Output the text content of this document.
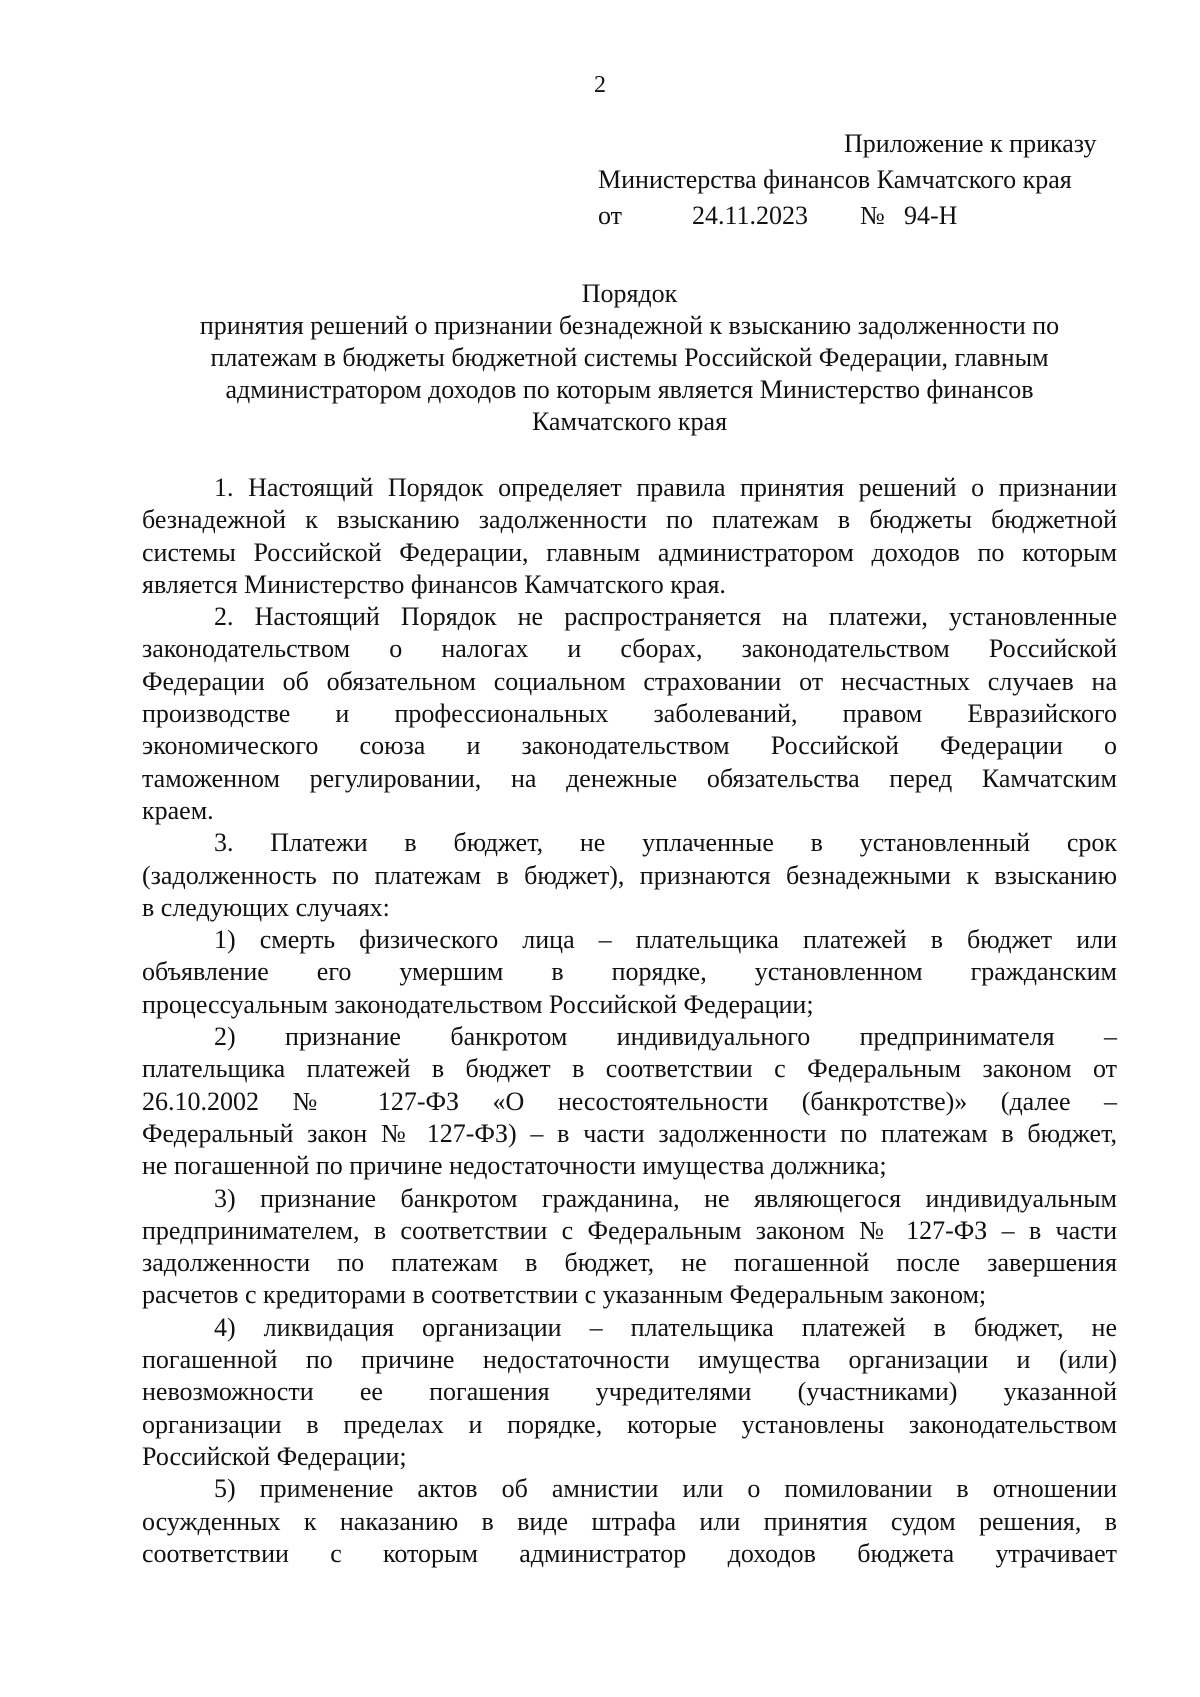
2
Приложение к приказу
Министерства финансов Камчатского края
от	24.11.2023 № 94-Н
Порядок
принятия решений о признании безнадежной к взысканию задолженности по
платежам в бюджеты бюджетной системы Российской Федерации, главным
администратором доходов по которым является Министерство финансов
Камчатского края
1. Настоящий Порядок определяет правила принятия решений о признании
безнадежной к взысканию задолженности по платежам в бюджеты бюджетной
системы Российской Федерации, главным администратором доходов по которым
является Министерство финансов Камчатского края.
2. Настоящий Порядок не распространяется на платежи, установленные
законодательством о налогах и сборах, законодательством Российской
Федерации об обязательном социальном страховании от несчастных случаев на
производстве и профессиональных заболеваний, правом Евразийского
экономического союза и законодательством Российской Федерации о
таможенном регулировании, на денежные обязательства перед Камчатским
краем.
3. Платежи в бюджет, не уплаченные в установленный срок
(задолженность по платежам в бюджет), признаются безнадежными к взысканию
в следующих случаях:
1) смерть физического лица – плательщика платежей в бюджет или
объявление его умершим в порядке, установленном гражданским
процессуальным законодательством Российской Федерации;
2) признание банкротом индивидуального предпринимателя –
плательщика платежей в бюджет в соответствии с Федеральным законом от
26.10.2002 № 127-ФЗ «О несостоятельности (банкротстве)» (далее –
Федеральный закон № 127-ФЗ) – в части задолженности по платежам в бюджет,
не погашенной по причине недостаточности имущества должника;
3) признание банкротом гражданина, не являющегося индивидуальным
предпринимателем, в соответствии с Федеральным законом № 127-ФЗ – в части
задолженности по платежам в бюджет, не погашенной после завершения
расчетов с кредиторами в соответствии с указанным Федеральным законом;
4) ликвидация организации – плательщика платежей в бюджет, не
погашенной по причине недостаточности имущества организации и (или)
невозможности ее погашения учредителями (участниками) указанной
организации в пределах и порядке, которые установлены законодательством
Российской Федерации;
5) применение актов об амнистии или о помиловании в отношении
осужденных к наказанию в виде штрафа или принятия судом решения, в
соответствии с которым администратор доходов бюджета утрачивает
